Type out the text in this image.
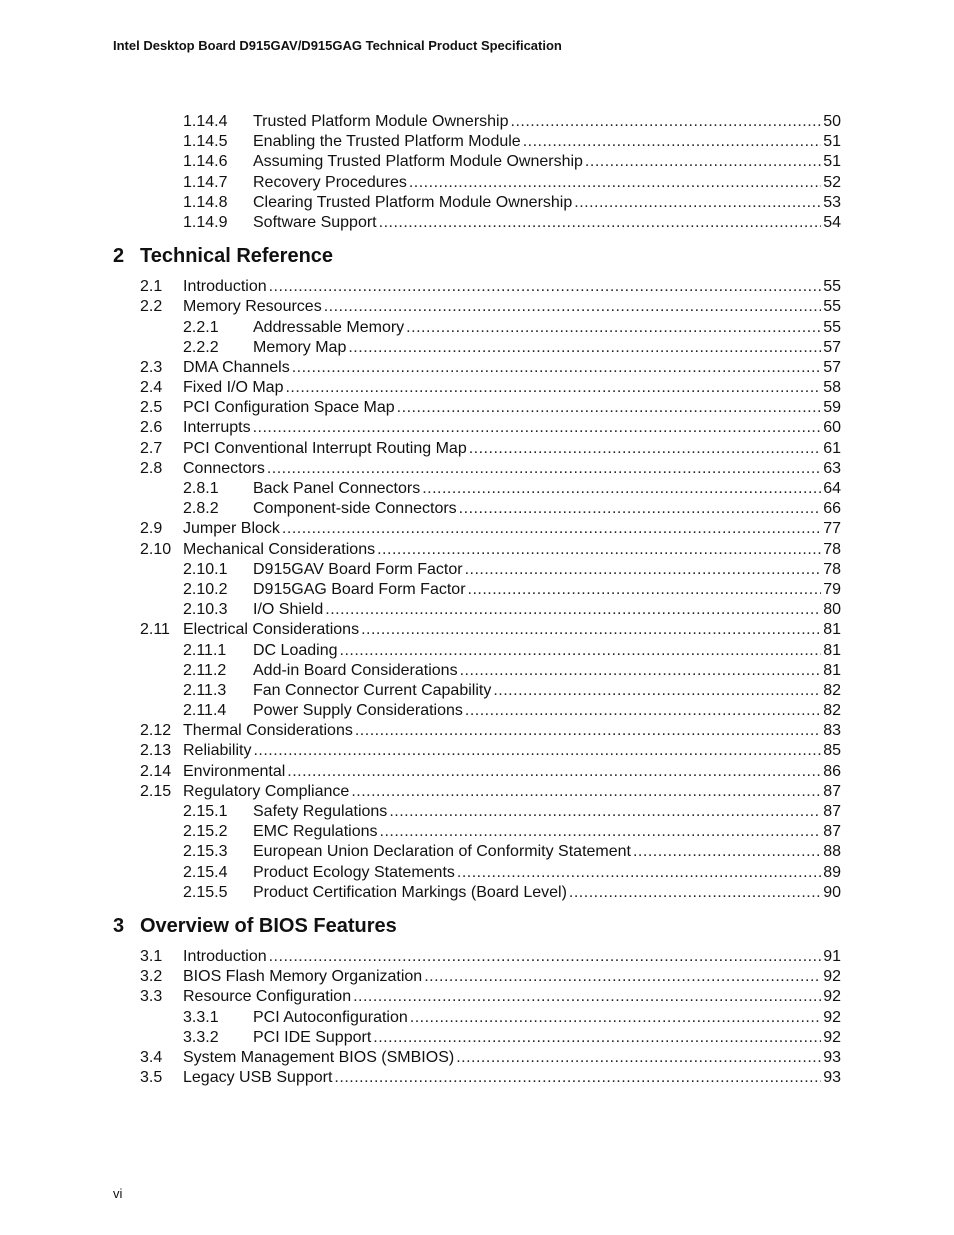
Intel Desktop Board D915GAV/D915GAG Technical Product Specification
1.14.4 Trusted Platform Module Ownership .....	50
1.14.5 Enabling the Trusted Platform Module .....	51
1.14.6 Assuming Trusted Platform Module Ownership .....	51
1.14.7 Recovery Procedures .....	52
1.14.8 Clearing Trusted Platform Module Ownership .....	53
1.14.9 Software Support .....	54
2 Technical Reference
2.1 Introduction .....	55
2.2 Memory Resources .....	55
2.2.1 Addressable Memory .....	55
2.2.2 Memory Map .....	57
2.3 DMA Channels .....	57
2.4 Fixed I/O Map .....	58
2.5 PCI Configuration Space Map .....	59
2.6 Interrupts .....	60
2.7 PCI Conventional Interrupt Routing Map .....	61
2.8 Connectors .....	63
2.8.1 Back Panel Connectors .....	64
2.8.2 Component-side Connectors .....	66
2.9 Jumper Block .....	77
2.10 Mechanical Considerations .....	78
2.10.1 D915GAV Board Form Factor .....	78
2.10.2 D915GAG Board Form Factor .....	79
2.10.3 I/O Shield .....	80
2.11 Electrical Considerations .....	81
2.11.1 DC Loading .....	81
2.11.2 Add-in Board Considerations .....	81
2.11.3 Fan Connector Current Capability .....	82
2.11.4 Power Supply Considerations .....	82
2.12 Thermal Considerations .....	83
2.13 Reliability .....	85
2.14 Environmental .....	86
2.15 Regulatory Compliance .....	87
2.15.1 Safety Regulations .....	87
2.15.2 EMC Regulations .....	87
2.15.3 European Union Declaration of Conformity Statement .....	88
2.15.4 Product Ecology Statements .....	89
2.15.5 Product Certification Markings (Board Level) .....	90
3 Overview of BIOS Features
3.1 Introduction .....	91
3.2 BIOS Flash Memory Organization .....	92
3.3 Resource Configuration .....	92
3.3.1 PCI Autoconfiguration .....	92
3.3.2 PCI IDE Support .....	92
3.4 System Management BIOS (SMBIOS) .....	93
3.5 Legacy USB Support .....	93
vi
